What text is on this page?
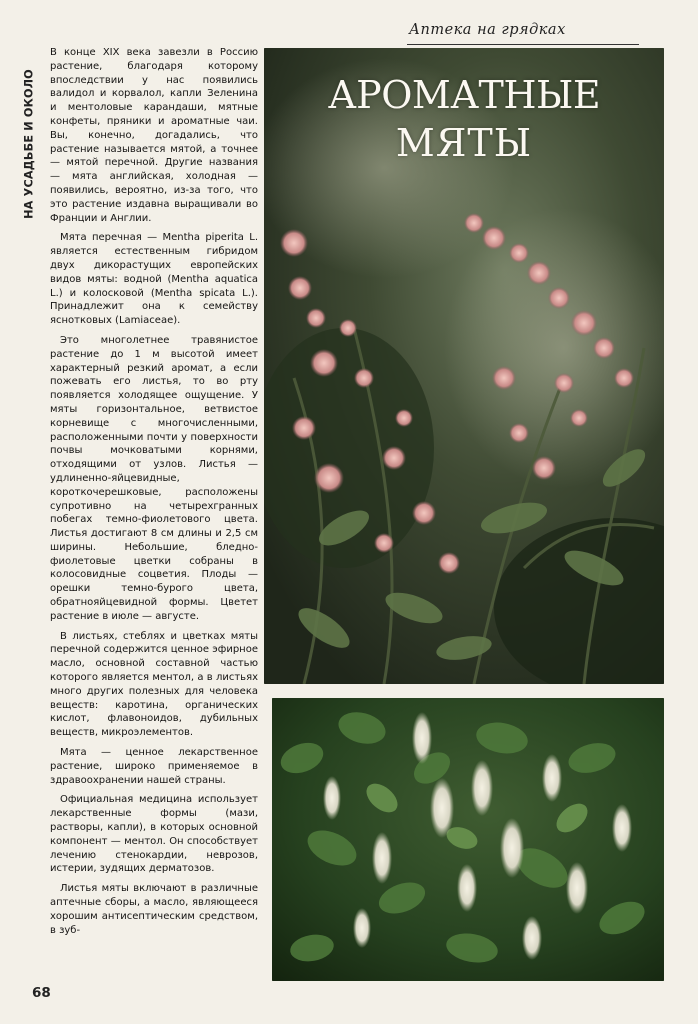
Аптека на грядках
НА УСАДЬБЕ И ОКОЛО

В конце XIX века завезли в Россию растение, благодаря которому впоследствии у нас появились валидол и корвалол, капли Зеленина и ментоловые карандаши, мятные конфеты, пряники и ароматные чаи. Вы, конечно, догадались, что растение называется мятой, а точнее — мятой перечной. Другие названия — мята английская, холодная — появились, вероятно, из-за того, что это растение издавна выращивали во Франции и Англии.

Мята перечная — Mentha piperita L. является естественным гибридом двух дикорастущих европейских видов мяты: водной (Mentha aquatica L.) и колосковой (Mentha spicata L.). Принадлежит она к семейству яснотковых (Lamiaceae).

Это многолетнее травянистое растение до 1 м высотой имеет характерный резкий аромат, а если пожевать его листья, то во рту появляется холодящее ощущение. У мяты горизонтальное, ветвистое корневище с многочисленными, расположенными почти у поверхности почвы мочковатыми корнями, отходящими от узлов. Листья — удлиненно-яйцевидные, короткочерешковые, расположены супротивно на четырехгранных побегах темно-фиолетового цвета. Листья достигают 8 см длины и 2,5 см ширины. Небольшие, бледно-фиолетовые цветки собраны в колосовидные соцветия. Плоды — орешки темно-бурого цвета, обратнояйцевидной формы. Цветет растение в июле — августе.

В листьях, стеблях и цветках мяты перечной содержится ценное эфирное масло, основной составной частью которого является ментол, а в листьях много других полезных для человека веществ: каротина, органических кислот, флавоноидов, дубильных веществ, микроэлементов.

Мята — ценное лекарственное растение, широко применяемое в здравоохранении нашей страны.

Официальная медицина использует лекарственные формы (мази, растворы, капли), в которых основной компонент — ментол. Он способствует лечению стенокардии, неврозов, истерии, зудящих дерматозов.

Листья мяты включают в различные аптечные сборы, а масло, являющееся хорошим антисептическим средством, в зуб-

68
АРОМАТНЫЕ
МЯТЫ
